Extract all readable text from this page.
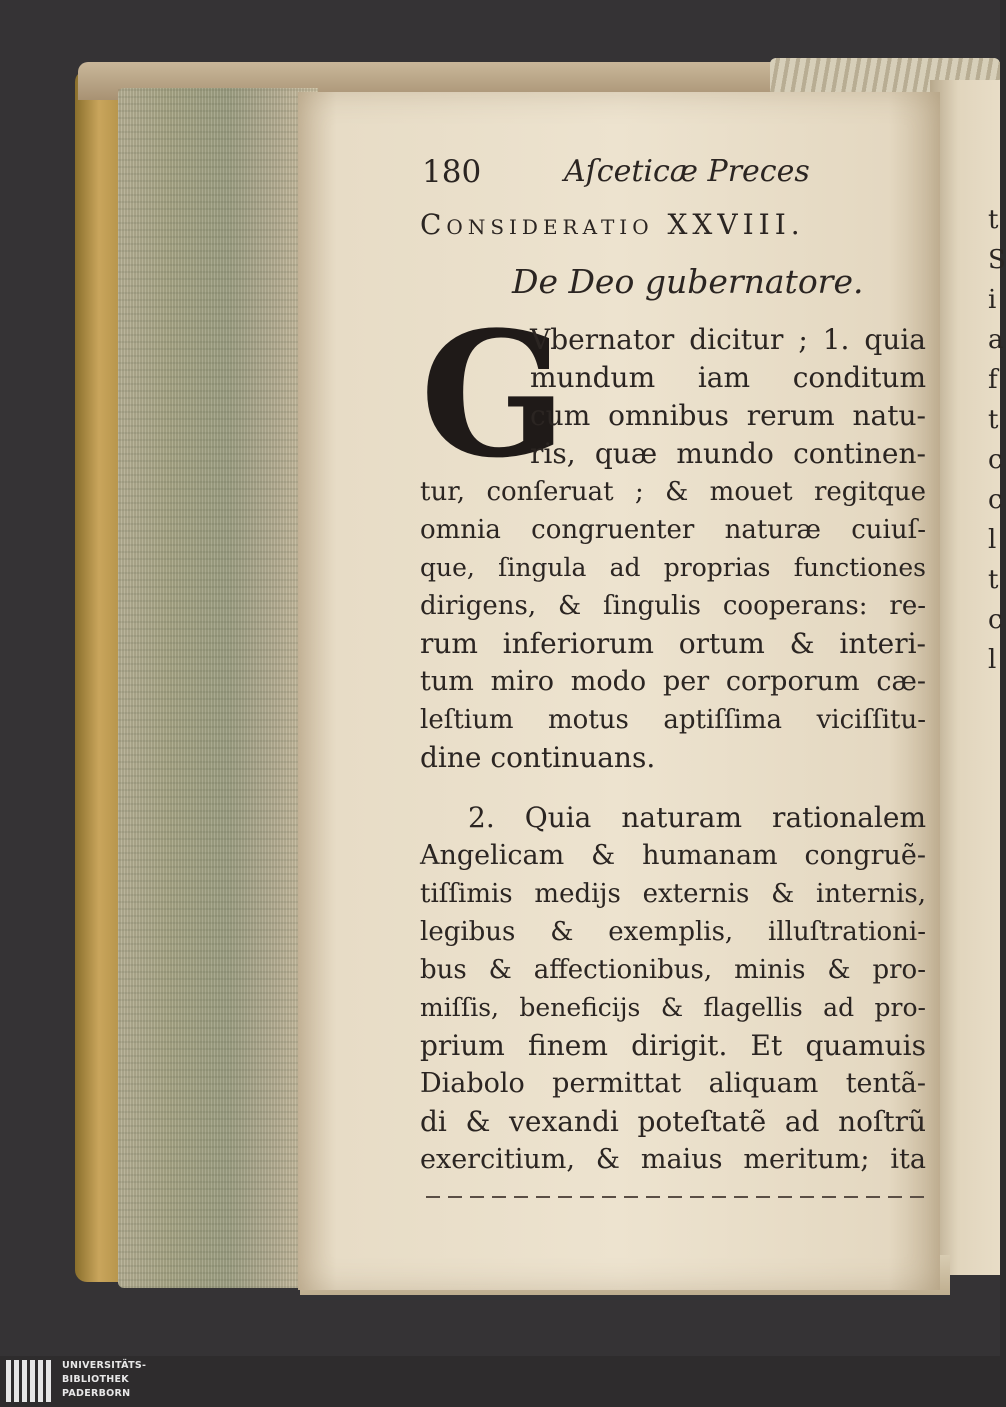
t
S
i
a
f
t
c
c
l
t
c
l
180	Aſceticæ Preces
Consideratio XXVIII.
De Deo gubernatore.
G
Vbernator dicitur ; 1. quia
mundum iam conditum
cum omnibus rerum natu-
ris, quæ mundo continen-
tur, conſeruat ; & mouet regitque
omnia congruenter naturæ cuiuſ-
que, ſingula ad proprias functiones
dirigens, & ſingulis cooperans: re-
rum inferiorum ortum & interi-
tum miro modo per corporum cæ-
leſtium motus aptiſſima viciſſitu-
dine continuans.
2. Quia naturam rationalem
Angelicam & humanam congruẽ-
tiſſimis medijs externis & internis,
legibus & exemplis, illuſtrationi-
bus & affectionibus, minis & pro-
miſſis, beneficijs & flagellis ad pro-
prium finem dirigit. Et quamuis
Diabolo permittat aliquam tentã-
di & vexandi poteſtatẽ ad noſtrũ
exercitium, & maius meritum; ita
UNIVERSITÄTS-
BIBLIOTHEK
PADERBORN
